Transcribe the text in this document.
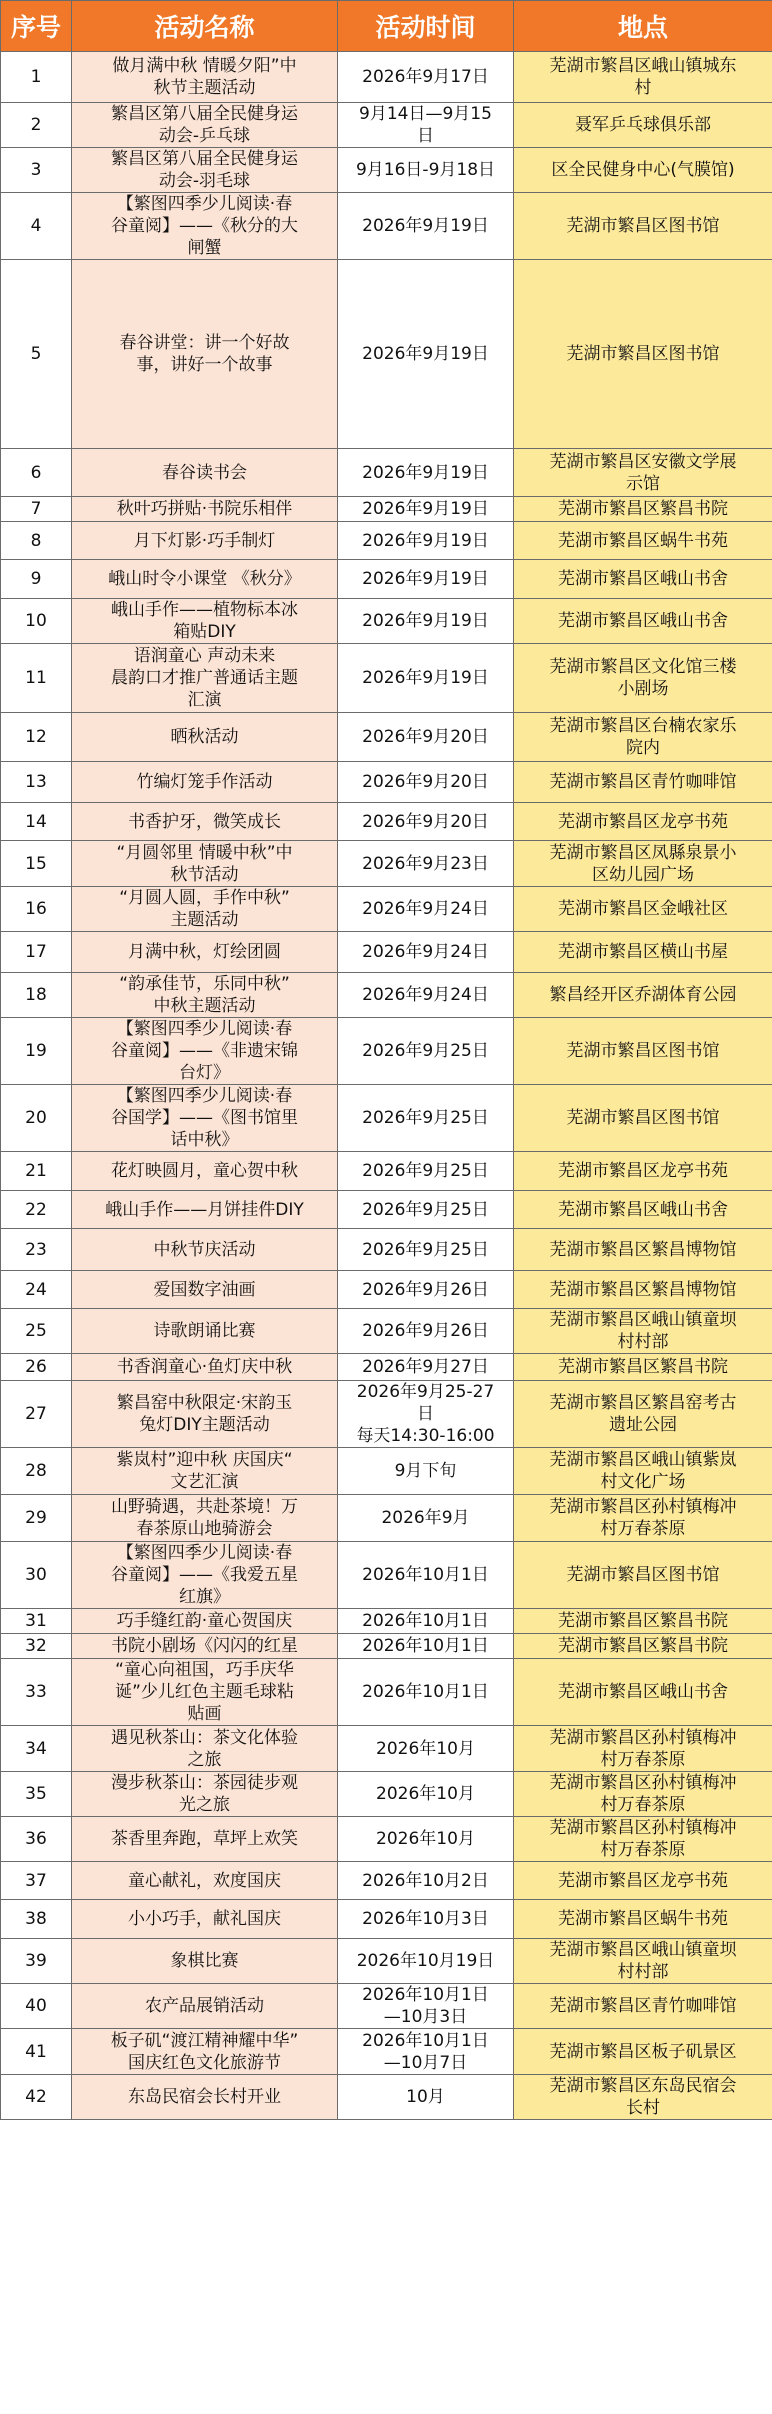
序号	活动名称	活动时间	地点
1	做月满中秋 情暖夕阳”中
秋节主题活动	2026年9月17日	芜湖市繁昌区峨山镇城东
村

2	繁昌区第八届全民健身运
动会-乒乓球	9月14日—9月15
日	聂军乒乓球俱乐部

3	繁昌区第八届全民健身运
动会-羽毛球	9月16日-9月18日	区全民健身中心(气膜馆)

4	【繁图四季少儿阅读·春
谷童阅】——《秋分的大
闸蟹	2026年9月19日	芜湖市繁昌区图书馆

5	春谷讲堂：讲一个好故
事，讲好一个故事	2026年9月19日	芜湖市繁昌区图书馆

6	春谷读书会	2026年9月19日	芜湖市繁昌区安徽文学展
示馆

7	秋叶巧拼贴·书院乐相伴	2026年9月19日	芜湖市繁昌区繁昌书院

8	月下灯影·巧手制灯	2026年9月19日	芜湖市繁昌区蜗牛书苑

9	峨山时令小课堂 《秋分》	2026年9月19日	芜湖市繁昌区峨山书舍

10	峨山手作——植物标本冰
箱贴DIY	2026年9月19日	芜湖市繁昌区峨山书舍

11	语润童心 声动未来
晨韵口才推广普通话主题
汇演	2026年9月19日	芜湖市繁昌区文化馆三楼
小剧场

12	晒秋活动	2026年9月20日	芜湖市繁昌区台楠农家乐
院内

13	竹编灯笼手作活动	2026年9月20日	芜湖市繁昌区青竹咖啡馆

14	书香护牙，微笑成长	2026年9月20日	芜湖市繁昌区龙亭书苑

15	“月圆邻里 情暖中秋”中
秋节活动	2026年9月23日	芜湖市繁昌区凤縣泉景小
区幼儿园广场

16	“月圆人圆，手作中秋”
主题活动	2026年9月24日	芜湖市繁昌区金峨社区

17	月满中秋，灯绘团圆	2026年9月24日	芜湖市繁昌区横山书屋

18	“韵承佳节，乐同中秋”
中秋主题活动	2026年9月24日	繁昌经开区乔湖体育公园

19	【繁图四季少儿阅读·春
谷童阅】——《非遗宋锦
台灯》	2026年9月25日	芜湖市繁昌区图书馆

20	【繁图四季少儿阅读·春
谷国学】——《图书馆里
话中秋》	2026年9月25日	芜湖市繁昌区图书馆

21	花灯映圆月，童心贺中秋	2026年9月25日	芜湖市繁昌区龙亭书苑

22	峨山手作——月饼挂件DIY	2026年9月25日	芜湖市繁昌区峨山书舍

23	中秋节庆活动	2026年9月25日	芜湖市繁昌区繁昌博物馆

24	爱国数字油画	2026年9月26日	芜湖市繁昌区繁昌博物馆

25	诗歌朗诵比赛	2026年9月26日	芜湖市繁昌区峨山镇童坝
村村部

26	书香润童心·鱼灯庆中秋	2026年9月27日	芜湖市繁昌区繁昌书院

27	繁昌窑中秋限定·宋韵玉
兔灯DIY主题活动	2026年9月25-27
日
每天14:30-16:00	芜湖市繁昌区繁昌窑考古
遗址公园

28	紫岚村”迎中秋 庆国庆“
文艺汇演	9月下旬	芜湖市繁昌区峨山镇紫岚
村文化广场

29	山野骑遇，共赴茶境！万
春茶原山地骑游会	2026年9月	芜湖市繁昌区孙村镇梅冲
村万春茶原

30	【繁图四季少儿阅读·春
谷童阅】——《我爱五星
红旗》	2026年10月1日	芜湖市繁昌区图书馆

31	巧手缝红韵·童心贺国庆	2026年10月1日	芜湖市繁昌区繁昌书院

32	书院小剧场《闪闪的红星	2026年10月1日	芜湖市繁昌区繁昌书院

33	“童心向祖国，巧手庆华
诞”少儿红色主题毛球粘
贴画	2026年10月1日	芜湖市繁昌区峨山书舍

34	遇见秋茶山：茶文化体验
之旅	2026年10月	芜湖市繁昌区孙村镇梅冲
村万春茶原

35	漫步秋茶山：茶园徒步观
光之旅	2026年10月	芜湖市繁昌区孙村镇梅冲
村万春茶原

36	茶香里奔跑，草坪上欢笑	2026年10月	芜湖市繁昌区孙村镇梅冲
村万春茶原

37	童心献礼，欢度国庆	2026年10月2日	芜湖市繁昌区龙亭书苑

38	小小巧手，献礼国庆	2026年10月3日	芜湖市繁昌区蜗牛书苑

39	象棋比赛	2026年10月19日	芜湖市繁昌区峨山镇童坝
村村部

40	农产品展销活动	2026年10月1日
—10月3日	芜湖市繁昌区青竹咖啡馆

41	板子矶“渡江精神耀中华”
国庆红色文化旅游节	2026年10月1日
—10月7日	芜湖市繁昌区板子矶景区

42	东岛民宿会长村开业	10月	芜湖市繁昌区东岛民宿会
长村
